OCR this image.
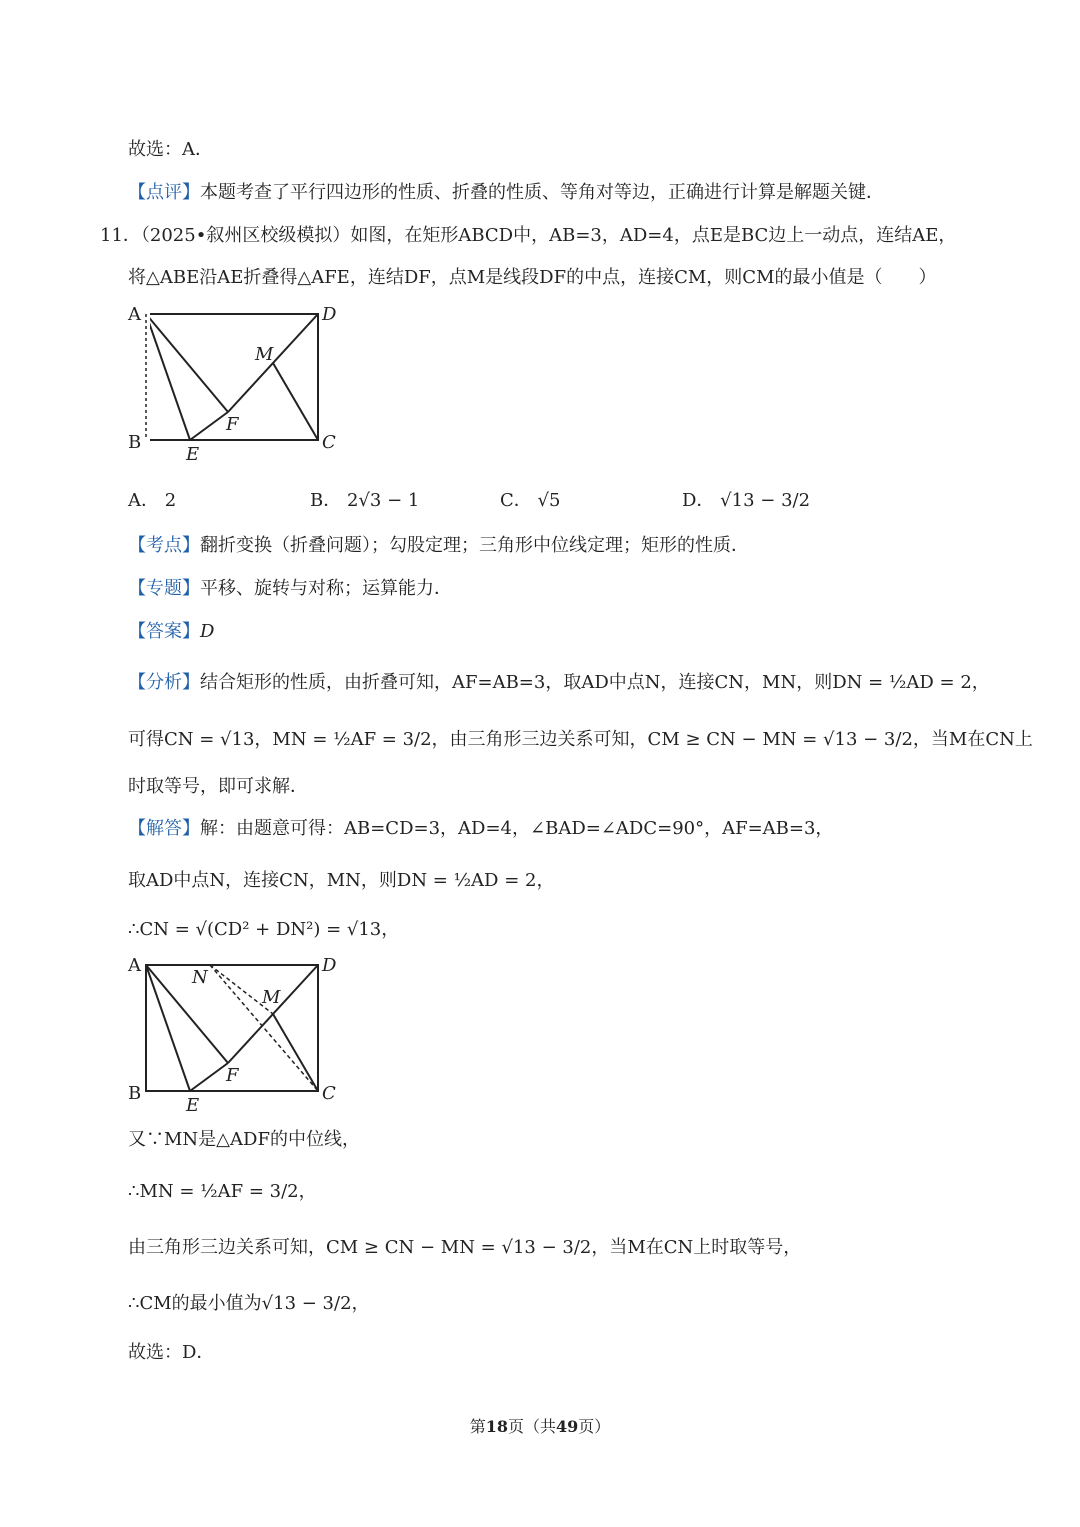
故选：A．
【点评】本题考查了平行四边形的性质、折叠的性质、等角对等边，正确进行计算是解题关键．
11．（2025•叙州区校级模拟）如图，在矩形ABCD中，AB=3，AD=4，点E是BC边上一动点，连结AE，
将△ABE沿AE折叠得△AFE，连结DF，点M是线段DF的中点，连接CM，则CM的最小值是（　　）
A	D
B	C
E
F
M
A． 2	B． 2√3 − 1	C． √5	D． √13 − 3/2
【考点】翻折变换（折叠问题）；勾股定理；三角形中位线定理；矩形的性质．
【专题】平移、旋转与对称；运算能力．
【答案】D
【分析】结合矩形的性质，由折叠可知，AF=AB=3，取AD中点N，连接CN，MN，则DN = ½AD = 2，
可得CN = √13，MN = ½AF = 3/2，由三角形三边关系可知，CM ≥ CN − MN = √13 − 3/2，当M在CN上
时取等号，即可求解．
【解答】解：由题意可得：AB=CD=3，AD=4，∠BAD=∠ADC=90°，AF=AB=3，
取AD中点N，连接CN，MN，则DN = ½AD = 2，
∴CN = √(CD² + DN²) = √13，
A	D
B	C
E
F
M
N
又∵MN是△ADF的中位线，
∴MN = ½AF = 3/2，
由三角形三边关系可知，CM ≥ CN − MN = √13 − 3/2，当M在CN上时取等号，
∴CM的最小值为√13 − 3/2，
故选：D．
第18页（共49页）
